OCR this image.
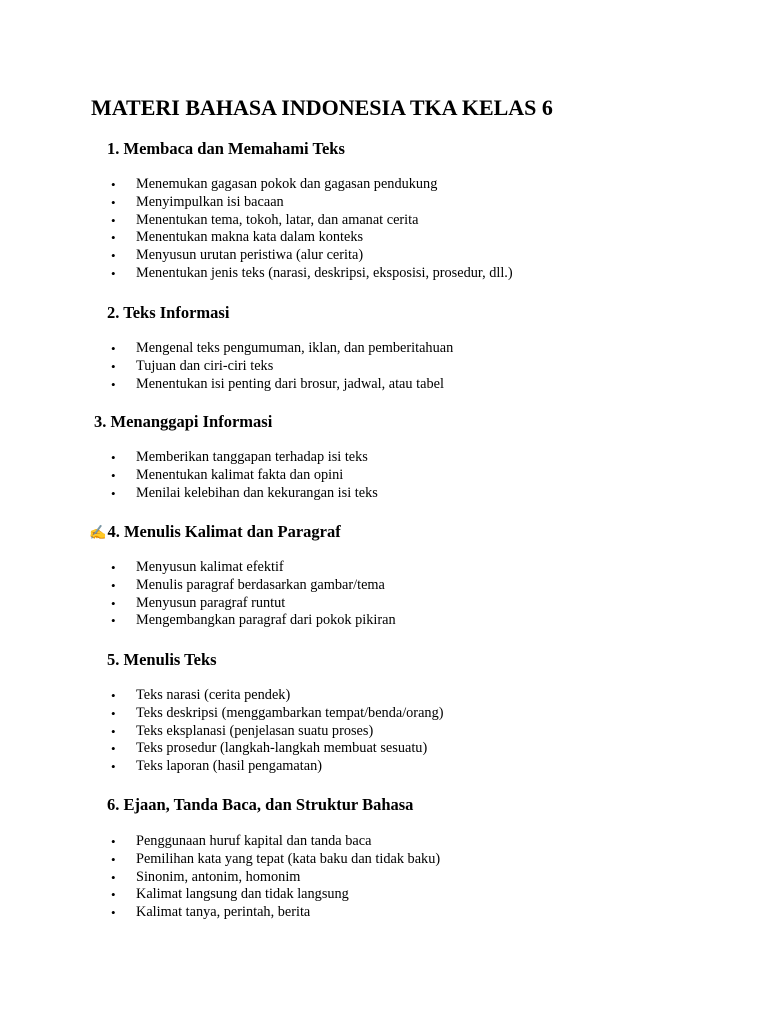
MATERI BAHASA INDONESIA TKA KELAS 6
1. Membaca dan Memahami Teks
• Menemukan gagasan pokok dan gagasan pendukung
• Menyimpulkan isi bacaan
• Menentukan tema, tokoh, latar, dan amanat cerita
• Menentukan makna kata dalam konteks
• Menyusun urutan peristiwa (alur cerita)
• Menentukan jenis teks (narasi, deskripsi, eksposisi, prosedur, dll.)
2. Teks Informasi
• Mengenal teks pengumuman, iklan, dan pemberitahuan
• Tujuan dan ciri-ciri teks
• Menentukan isi penting dari brosur, jadwal, atau tabel
3. Menanggapi Informasi
• Memberikan tanggapan terhadap isi teks
• Menentukan kalimat fakta dan opini
• Menilai kelebihan dan kekurangan isi teks
✍4. Menulis Kalimat dan Paragraf
• Menyusun kalimat efektif
• Menulis paragraf berdasarkan gambar/tema
• Menyusun paragraf runtut
• Mengembangkan paragraf dari pokok pikiran
5. Menulis Teks
• Teks narasi (cerita pendek)
• Teks deskripsi (menggambarkan tempat/benda/orang)
• Teks eksplanasi (penjelasan suatu proses)
• Teks prosedur (langkah-langkah membuat sesuatu)
• Teks laporan (hasil pengamatan)
6. Ejaan, Tanda Baca, dan Struktur Bahasa
• Penggunaan huruf kapital dan tanda baca
• Pemilihan kata yang tepat (kata baku dan tidak baku)
• Sinonim, antonim, homonim
• Kalimat langsung dan tidak langsung
• Kalimat tanya, perintah, berita
